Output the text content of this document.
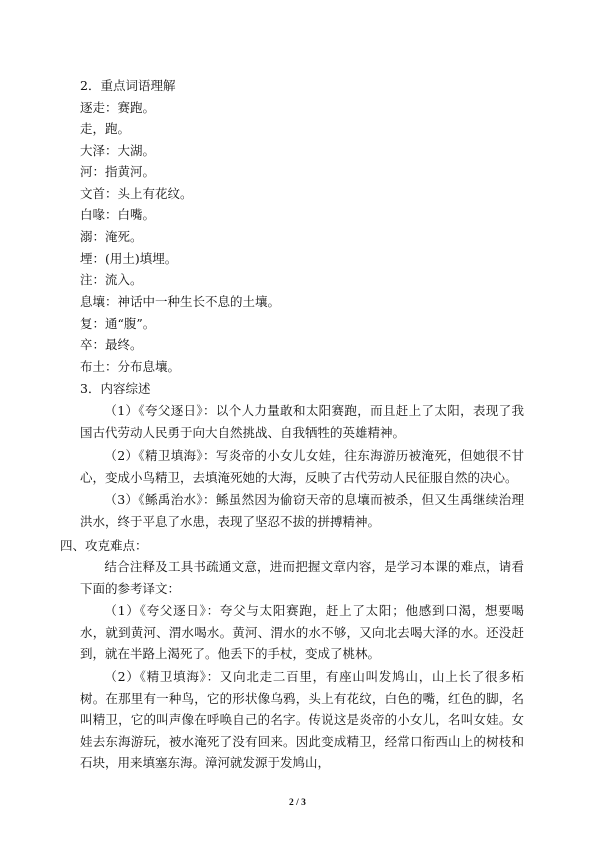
2．重点词语理解
逐走：赛跑。
走，跑。
大泽：大湖。
河：指黄河。
文首：头上有花纹。
白喙：白嘴。
溺：淹死。
堙：(用土)填埋。
注：流入。
息壤：神话中一种生长不息的土壤。
复：通“腹”。
卒：最终。
布土：分布息壤。
3．内容综述
（1）《夸父逐日》：以个人力量敢和太阳赛跑，而且赶上了太阳，表现了我国古代劳动人民勇于向大自然挑战、自我牺牲的英雄精神。
（2）《精卫填海》：写炎帝的小女儿女娃，往东海游历被淹死，但她很不甘心，变成小鸟精卫，去填淹死她的大海，反映了古代劳动人民征服自然的决心。
（3）《鲧禹治水》：鲧虽然因为偷窃天帝的息壤而被杀，但又生禹继续治理洪水，终于平息了水患，表现了坚忍不拔的拼搏精神。
四、攻克难点：
结合注释及工具书疏通文意，进而把握文章内容，是学习本课的难点，请看下面的参考译文：
（1）《夸父逐日》：夸父与太阳赛跑，赶上了太阳；他感到口渴，想要喝水，就到黄河、渭水喝水。黄河、渭水的水不够，又向北去喝大泽的水。还没赶到，就在半路上渴死了。他丢下的手杖，变成了桃林。
（2）《精卫填海》：又向北走二百里，有座山叫发鸠山，山上长了很多柘树。在那里有一种鸟，它的形状像乌鸦，头上有花纹，白色的嘴，红色的脚，名叫精卫，它的叫声像在呼唤自己的名字。传说这是炎帝的小女儿，名叫女娃。女娃去东海游玩，被水淹死了没有回来。因此变成精卫，经常口衔西山上的树枝和石块，用来填塞东海。漳河就发源于发鸠山，
2 / 3
